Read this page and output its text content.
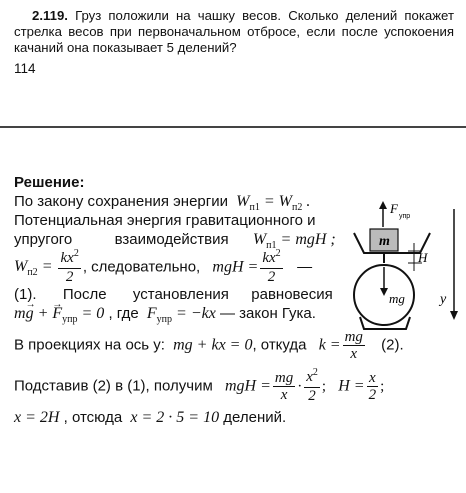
2.119. Груз положили на чашку весов. Сколько делений покажет стрелка весов при первоначальном отбросе, если после успокоения качаний она показывает 5 делений?
114
Решение:
По закону сохранения энергии  $W_{п1} = W_{п2}$ .
Потенциальная энергия гравитационного и
упругого	взаимодействия      $W_{п1}$ = mgH ;
$W_{п2} = \frac{kx^2}{2}$ , следовательно,   mgH = $\frac{kx^2}{2}$ —
(1). После установления равновесия
m→ g + → $F_{упр} = 0$ , где  $F_{упр} = -kx$ — закон Гука.
В проекциях на ось y:  mg + kx = 0, откуда   $k = \frac{mg}{x} (2)$.
Подставив (2) в (1), получим   mgH = $\frac{mg}{x} \cdot \frac{x^2}{2}$ ;   $H = \frac{x}{2}$ ;
x = 2H , отсюда  x = 2 · 5 = 10 делений.
F
упр
m
H
mg	y
